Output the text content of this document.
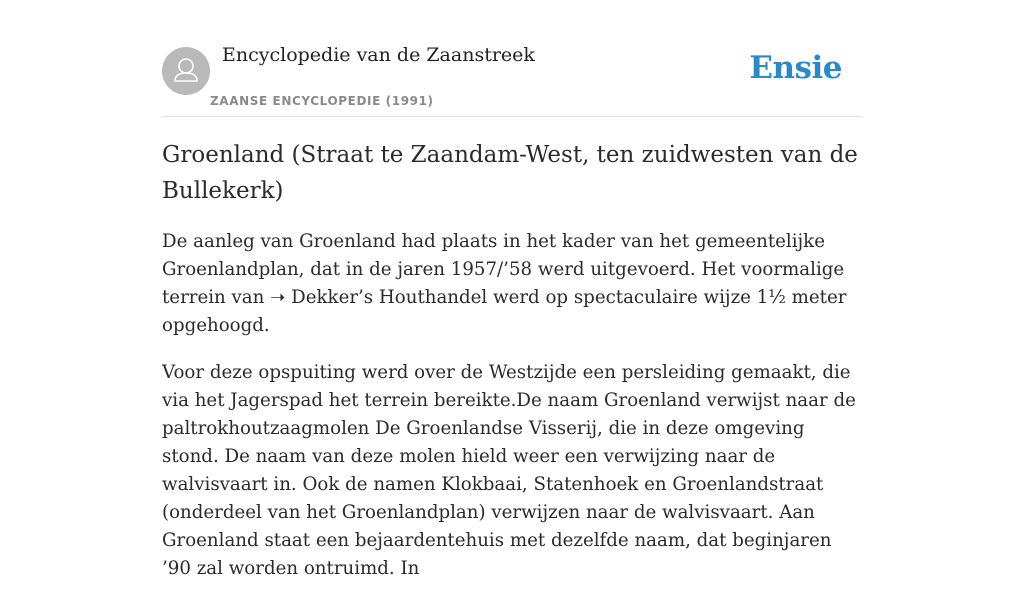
Encyclopedie van de Zaanstreek
ZAANSE ENCYCLOPEDIE (1991)
Ensie
Groenland (Straat te Zaandam-West, ten zuidwesten van de Bullekerk)

De aanleg van Groenland had plaats in het kader van het gemeentelijke Groenlandplan, dat in de jaren 1957/’58 werd uitgevoerd. Het voormalige terrein van ➝ Dekker’s Houthandel werd op spectaculaire wijze 1½ meter opgehoogd.

Voor deze opspuiting werd over de Westzijde een persleiding gemaakt, die via het Jagerspad het terrein bereikte.De naam Groenland verwijst naar de paltrokhoutzaagmolen De Groenlandse Visserij, die in deze omgeving stond. De naam van deze molen hield weer een verwijzing naar de walvisvaart in. Ook de namen Klokbaai, Statenhoek en Groenlandstraat (onderdeel van het Groenlandplan) verwijzen naar de walvisvaart. Aan Groenland staat een bejaardentehuis met dezelfde naam, dat beginjaren ’90 zal worden ontruimd. In
